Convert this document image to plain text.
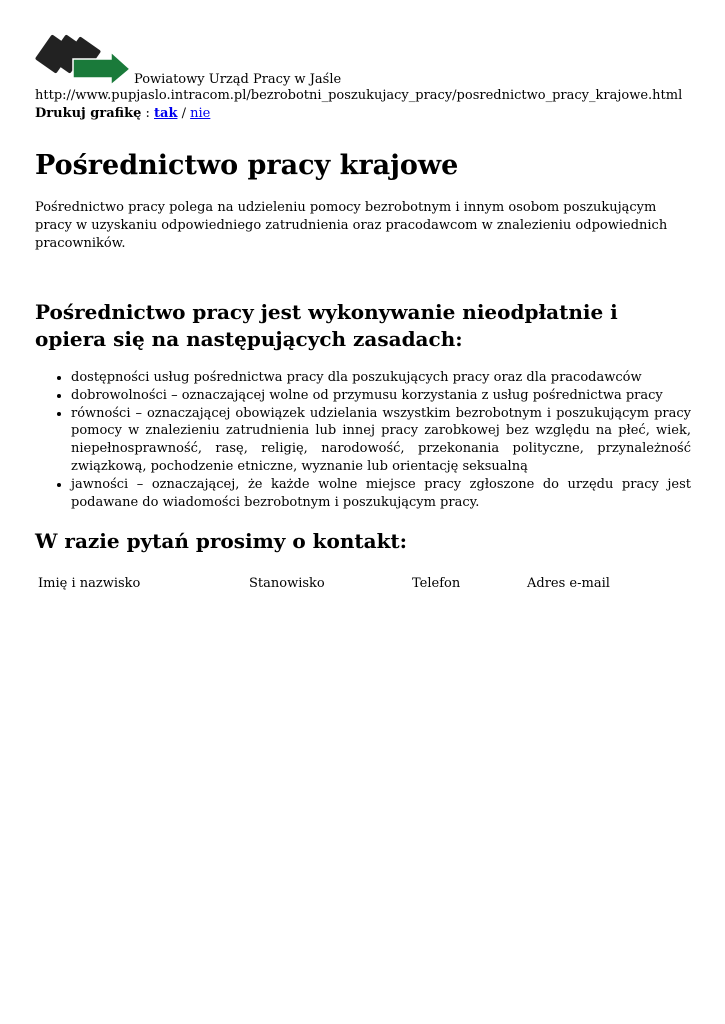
Powiatowy Urząd Pracy w Jaśle
http://www.pupjaslo.intracom.pl/bezrobotni_poszukujacy_pracy/posrednictwo_pracy_krajowe.html
Drukuj grafikę : tak / nie
Pośrednictwo pracy krajowe

Pośrednictwo pracy polega na udzieleniu pomocy bezrobotnym i innym osobom poszukującym pracy w uzyskaniu odpowiedniego zatrudnienia oraz pracodawcom w znalezieniu odpowiednich pracowników.

Pośrednictwo pracy jest wykonywanie nieodpłatnie i opiera się na następujących zasadach:
• dostępności usług pośrednictwa pracy dla poszukujących pracy oraz dla pracodawców
• dobrowolności – oznaczającej wolne od przymusu korzystania z usług pośrednictwa pracy
• równości – oznaczającej obowiązek udzielania wszystkim bezrobotnym i poszukującym pracy pomocy w znalezieniu zatrudnienia lub innej pracy zarobkowej bez względu na płeć, wiek, niepełnosprawność, rasę, religię, narodowość, przekonania polityczne, przynależność związkową, pochodzenie etniczne, wyznanie lub orientację seksualną
• jawności – oznaczającej, że każde wolne miejsce pracy zgłoszone do urzędu pracy jest podawane do wiadomości bezrobotnym i poszukującym pracy.
W razie pytań prosimy o kontakt:
Imię i nazwisko	Stanowisko	Telefon	Adres e-mail
